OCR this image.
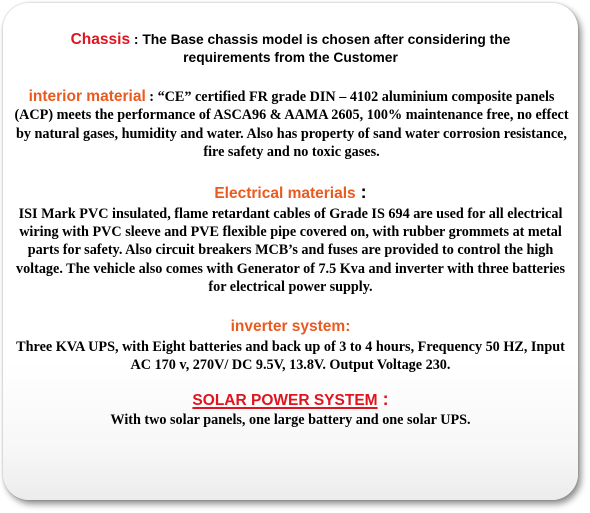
Chassis : The Base chassis model is chosen after considering the requirements from the Customer
interior material : “CE” certified FR grade DIN – 4102 aluminium composite panels (ACP) meets the performance of ASCA96 & AAMA 2605, 100% maintenance free, no effect by natural gases, humidity and water. Also has property of sand water corrosion resistance, fire safety and no toxic gases.
Electrical materials :
ISI Mark PVC insulated, flame retardant cables of Grade IS 694 are used for all electrical wiring with PVC sleeve and PVE flexible pipe covered on, with rubber grommets at metal parts for safety. Also circuit breakers MCB’s and fuses are provided to control the high voltage. The vehicle also comes with Generator of 7.5 Kva and inverter with three batteries for electrical power supply.
inverter system:
Three KVA UPS, with Eight batteries and back up of 3 to 4 hours, Frequency 50 HZ, Input AC 170 v, 270V/ DC 9.5V, 13.8V. Output Voltage 230.
SOLAR POWER SYSTEM :
With two solar panels, one large battery and one solar UPS.
